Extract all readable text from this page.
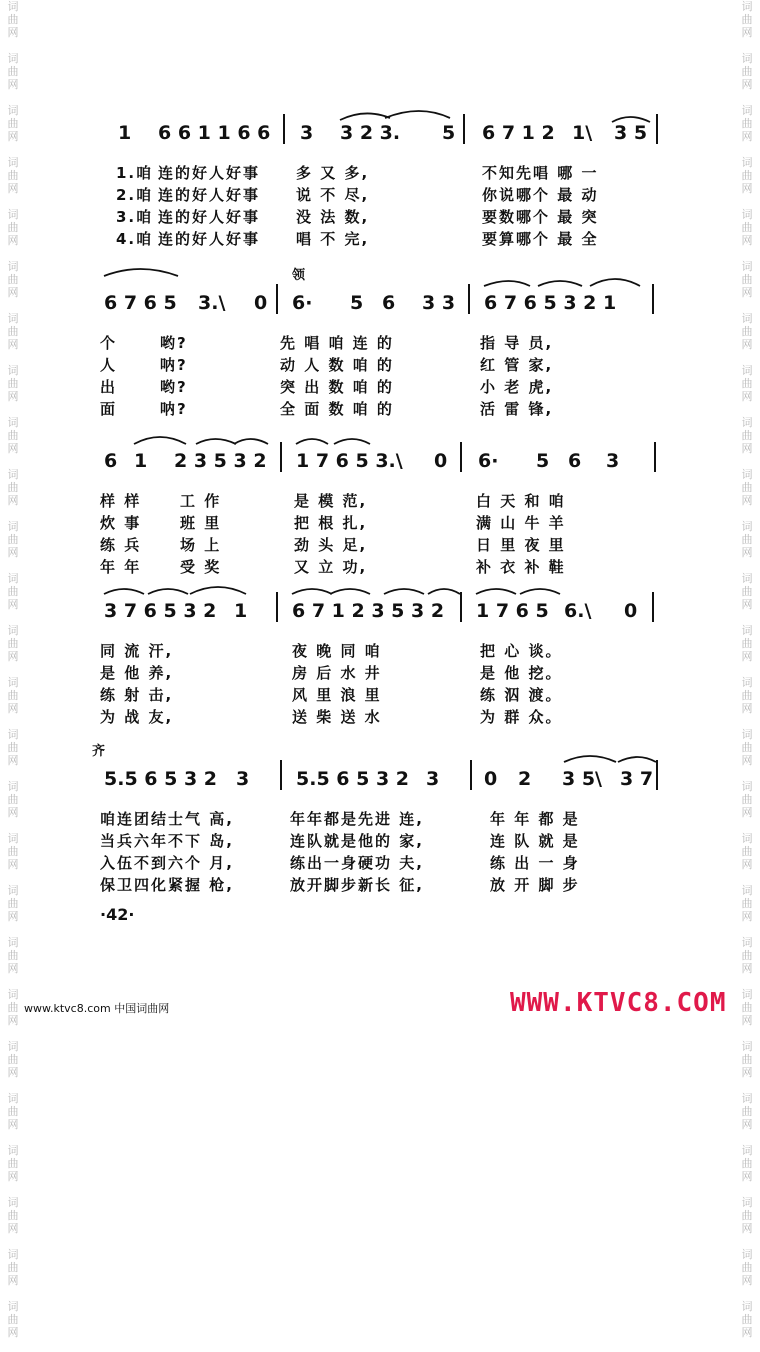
词
曲
网

词
曲
网

词
曲
网

词
曲
网

词
曲
网

词
曲
网

词
曲
网

词
曲
网

词
曲
网

词
曲
网

词
曲
网

词
曲
网

词
曲
网

词
曲
网

词
曲
网

词
曲
网

词
曲
网

词
曲
网

词
曲
网

词
曲
网

词
曲
网

词
曲
网

词
曲
网

词
曲
网

词
曲
网

词
曲
网

词
曲
网

词
曲
网

词
曲
网

词
曲
网

词
曲
网

词
曲
网

词
曲
网

词
曲
网

词
曲
网

词
曲
网

词
曲
网

词
曲
网

词
曲
网

词
曲
网

词
曲
网

词
曲
网

词
曲
网

词
曲
网

词
曲
网

词
曲
网

词
曲
网

词
曲
网

词
曲
网

词
曲
网

词
曲
网

词
曲
网

1 6 6 1 1 6 6 3 3 2 3. 5 6 7 1 2 1\ 3 5
1.咱 连的好人好事	多 又 多,	不知先唱 哪 一
2.咱 连的好人好事	说 不 尽,	你说哪个 最 动
3.咱 连的好人好事	没 法 数,	要数哪个 最 突
4.咱 连的好人好事	唱 不 完,	要算哪个 最 全
领
6 7 6 5 3.\ 0 6· 5 6 3 3 6 7 6 5 3 2 1
个	哟?	先 唱 咱 连 的	指 导 员,
人	呐?	动 人 数 咱 的	红 管 家,
出	哟?	突 出 数 咱 的	小 老 虎,
面	呐?	全 面 数 咱 的	活 雷 锋,
6 1 2 3 5 3 2 1 7 6 5 3.\ 0 6· 5 6 3
样 样	工 作	是 模 范,	白 天 和 咱
炊 事	班 里	把 根 扎,	满 山 牛 羊
练 兵	场 上	劲 头 足,	日 里 夜 里
年 年	受 奖	又 立 功,	补 衣 补 鞋
3 7 6 5 3 2 1 6 7 1 2 3 5 3 2 1 7 6 5 6.\ 0
同 流 汗,	夜 晚 同 咱	把 心 谈。
是 他 养,	房 后 水 井	是 他 挖。
练 射 击,	风 里 浪 里	练 泅 渡。
为 战 友,	送 柴 送 水	为 群 众。
齐
5.5 6 5 3 2 3 5.5 6 5 3 2 3 0 2 3 5\ 3 7
咱连团结士气 高,	年年都是先进 连,	年 年 都 是
当兵六年不下 岛,	连队就是他的 家,	连 队 就 是
入伍不到六个 月,	练出一身硬功 夫,	练 出 一 身
保卫四化紧握 枪,	放开脚步新长 征,	放 开 脚 步
·42·
www.ktvc8.com 中国词曲网	WWW.KTVC8.COM
